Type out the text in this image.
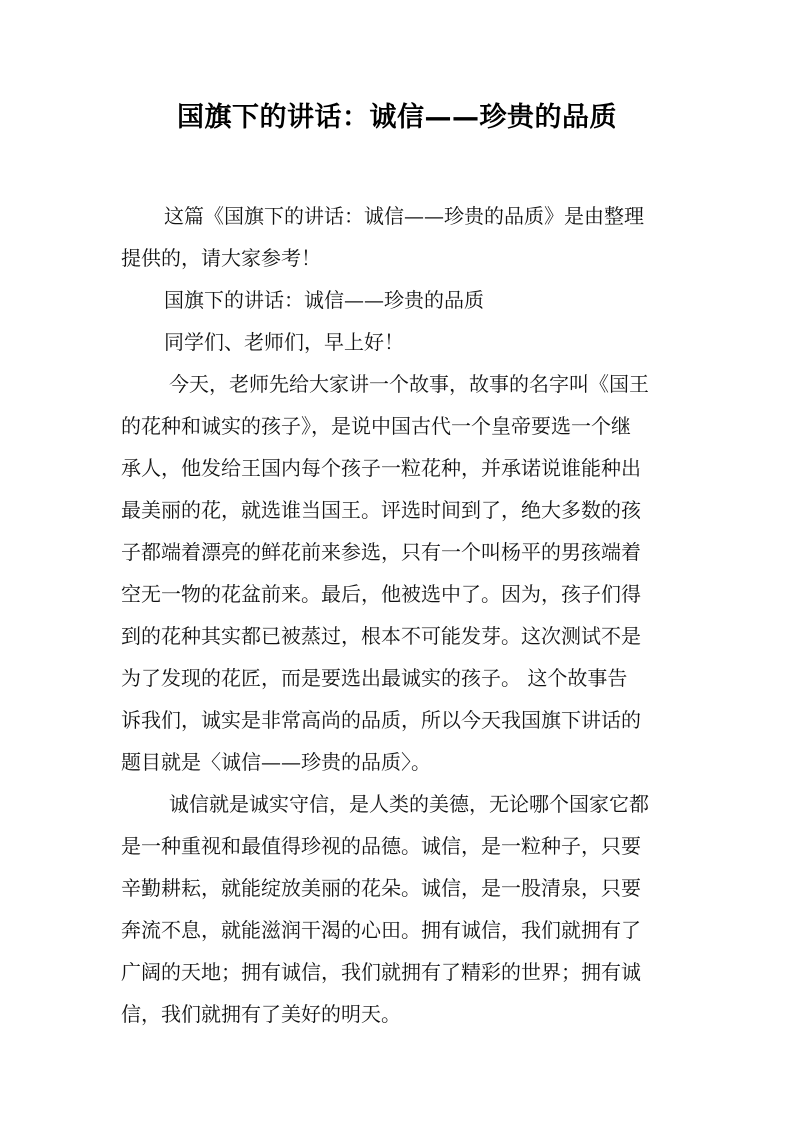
国旗下的讲话：诚信——珍贵的品质
这篇《国旗下的讲话：诚信——珍贵的品质》是由整理
提供的，请大家参考！
国旗下的讲话：诚信——珍贵的品质
同学们、老师们，早上好！
今天，老师先给大家讲一个故事，故事的名字叫《国王
的花种和诚实的孩子》，是说中国古代一个皇帝要选一个继
承人，他发给王国内每个孩子一粒花种，并承诺说谁能种出
最美丽的花，就选谁当国王。评选时间到了，绝大多数的孩
子都端着漂亮的鲜花前来参选，只有一个叫杨平的男孩端着
空无一物的花盆前来。最后，他被选中了。因为，孩子们得
到的花种其实都已被蒸过，根本不可能发芽。这次测试不是
为了发现的花匠，而是要选出最诚实的孩子。 这个故事告
诉我们，诚实是非常高尚的品质，所以今天我国旗下讲话的
题目就是〈诚信——珍贵的品质〉。
诚信就是诚实守信，是人类的美德，无论哪个国家它都
是一种重视和最值得珍视的品德。诚信，是一粒种子，只要
辛勤耕耘，就能绽放美丽的花朵。诚信，是一股清泉，只要
奔流不息，就能滋润干渴的心田。拥有诚信，我们就拥有了
广阔的天地；拥有诚信，我们就拥有了精彩的世界；拥有诚
信，我们就拥有了美好的明天。
